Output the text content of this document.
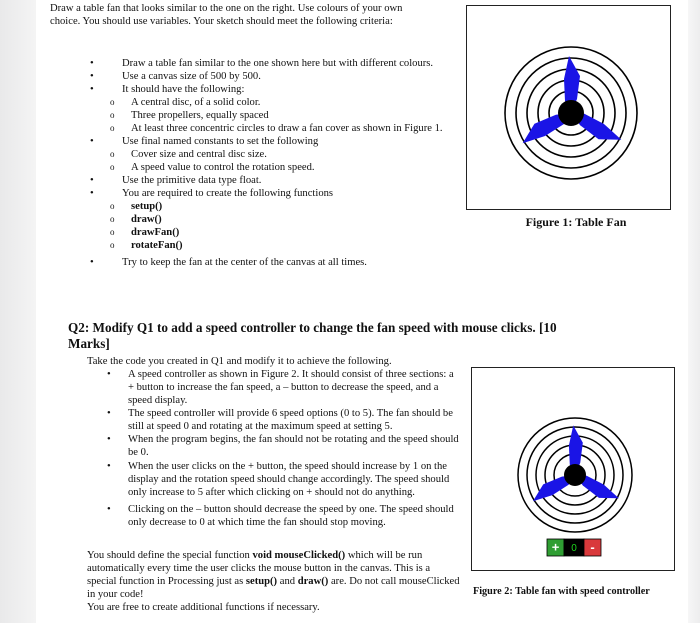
Draw a table fan that looks similar to the one on the right. Use colours of your own choice. You should use variables. Your sketch should meet the following criteria:
•	Draw a table fan similar to the one shown here but with different colours.
•	Use a canvas size of 500 by 500.
•	It should have the following:
o A central disc, of a solid color.
o Three propellers, equally spaced
o At least three concentric circles to draw a fan cover as shown in Figure 1.
•	Use final named constants to set the following
o Cover size and central disc size.
o A speed value to control the rotation speed.
•	Use the primitive data type float.
•	You are required to create the following functions
o setup()
o draw()
o drawFan()
o rotateFan()
•	Try to keep the fan at the center of the canvas at all times.
Figure 1: Table Fan
Q2: Modify Q1 to add a speed controller to change the fan speed with mouse clicks. [10
Marks]
Take the code you created in Q1 and modify it to achieve the following.
• A speed controller as shown in Figure 2. It should consist of three sections: a + button to increase the fan speed, a – button to decrease the speed, and a speed display.
• The speed controller will provide 6 speed options (0 to 5). The fan should be still at speed 0 and rotating at the maximum speed at setting 5.
• When the program begins, the fan should not be rotating and the speed should be 0.
• When the user clicks on the + button, the speed should increase by 1 on the display and the rotation speed should change accordingly. The speed should only increase to 5 after which clicking on + should not do anything.
• Clicking on the – button should decrease the speed by one. The speed should only decrease to 0 at which time the fan should stop moving.
You should define the special function void mouseClicked() which will be run automatically every time the user clicks the mouse button in the canvas. This is a special function in Processing just as setup() and draw() are. Do not call mouseClicked in your code!
You are free to create additional functions if necessary.
+ 0 -
Figure 2: Table fan with speed controller
